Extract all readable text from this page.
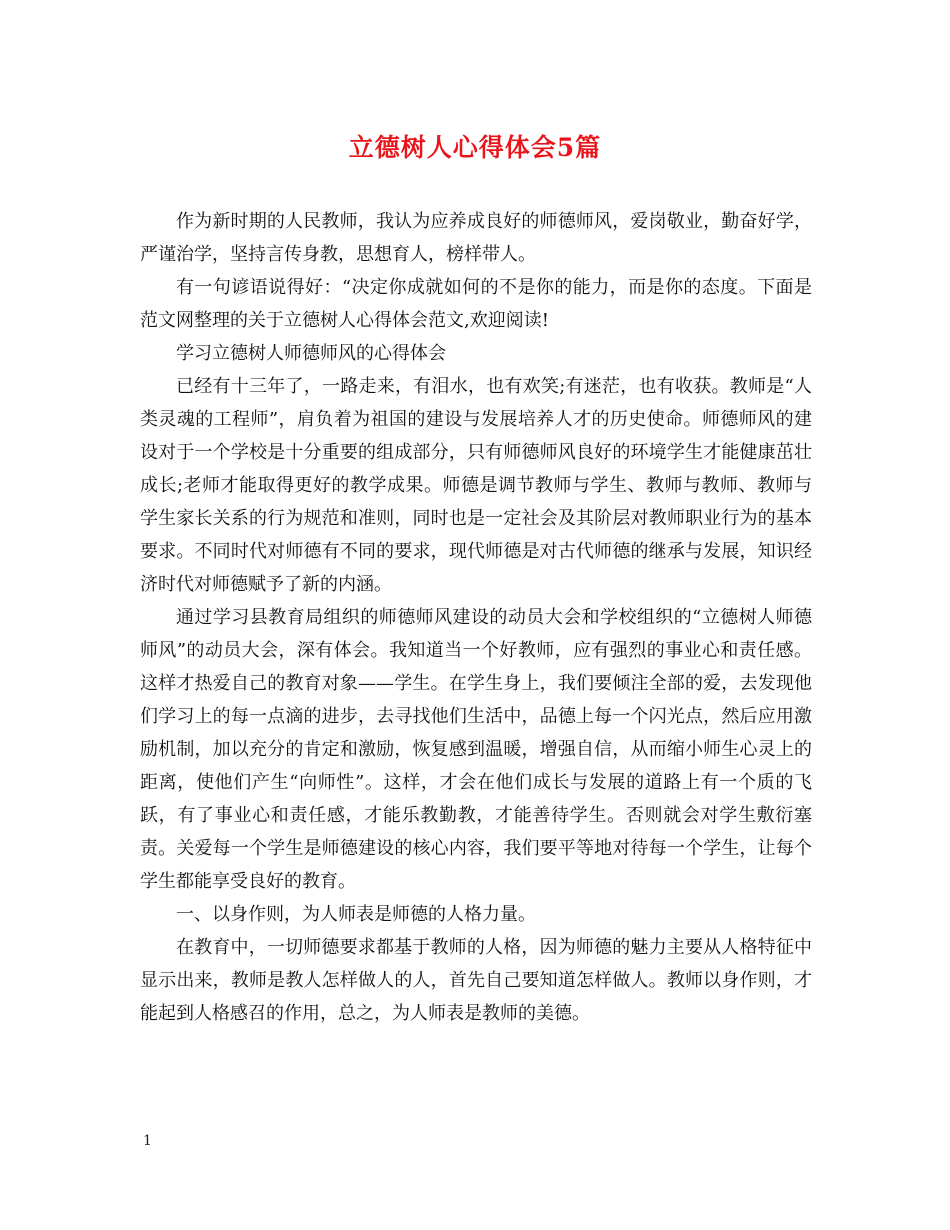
立德树人心得体会5篇

作为新时期的人民教师，我认为应养成良好的师德师风，爱岗敬业，勤奋好学，严谨治学，坚持言传身教，思想育人，榜样带人。

有一句谚语说得好：“决定你成就如何的不是你的能力，而是你的态度。下面是范文网整理的关于立德树人心得体会范文,欢迎阅读!

学习立德树人师德师风的心得体会

已经有十三年了，一路走来，有泪水，也有欢笑;有迷茫，也有收获。教师是“人类灵魂的工程师”，肩负着为祖国的建设与发展培养人才的历史使命。师德师风的建设对于一个学校是十分重要的组成部分，只有师德师风良好的环境学生才能健康茁壮成长;老师才能取得更好的教学成果。师德是调节教师与学生、教师与教师、教师与学生家长关系的行为规范和准则，同时也是一定社会及其阶层对教师职业行为的基本要求。不同时代对师德有不同的要求，现代师德是对古代师德的继承与发展，知识经济时代对师德赋予了新的内涵。

通过学习县教育局组织的师德师风建设的动员大会和学校组织的“立德树人师德师风”的动员大会，深有体会。我知道当一个好教师，应有强烈的事业心和责任感。这样才热爱自己的教育对象——学生。在学生身上，我们要倾注全部的爱，去发现他们学习上的每一点滴的进步，去寻找他们生活中，品德上每一个闪光点，然后应用激励机制，加以充分的肯定和激励，恢复感到温暖，增强自信，从而缩小师生心灵上的距离，使他们产生“向师性”。这样，才会在他们成长与发展的道路上有一个质的飞跃，有了事业心和责任感，才能乐教勤教，才能善待学生。否则就会对学生敷衍塞责。关爱每一个学生是师德建设的核心内容，我们要平等地对待每一个学生，让每个学生都能享受良好的教育。

一、以身作则，为人师表是师德的人格力量。

在教育中，一切师德要求都基于教师的人格，因为师德的魅力主要从人格特征中显示出来，教师是教人怎样做人的人，首先自己要知道怎样做人。教师以身作则，才能起到人格感召的作用，总之，为人师表是教师的美德。

1
